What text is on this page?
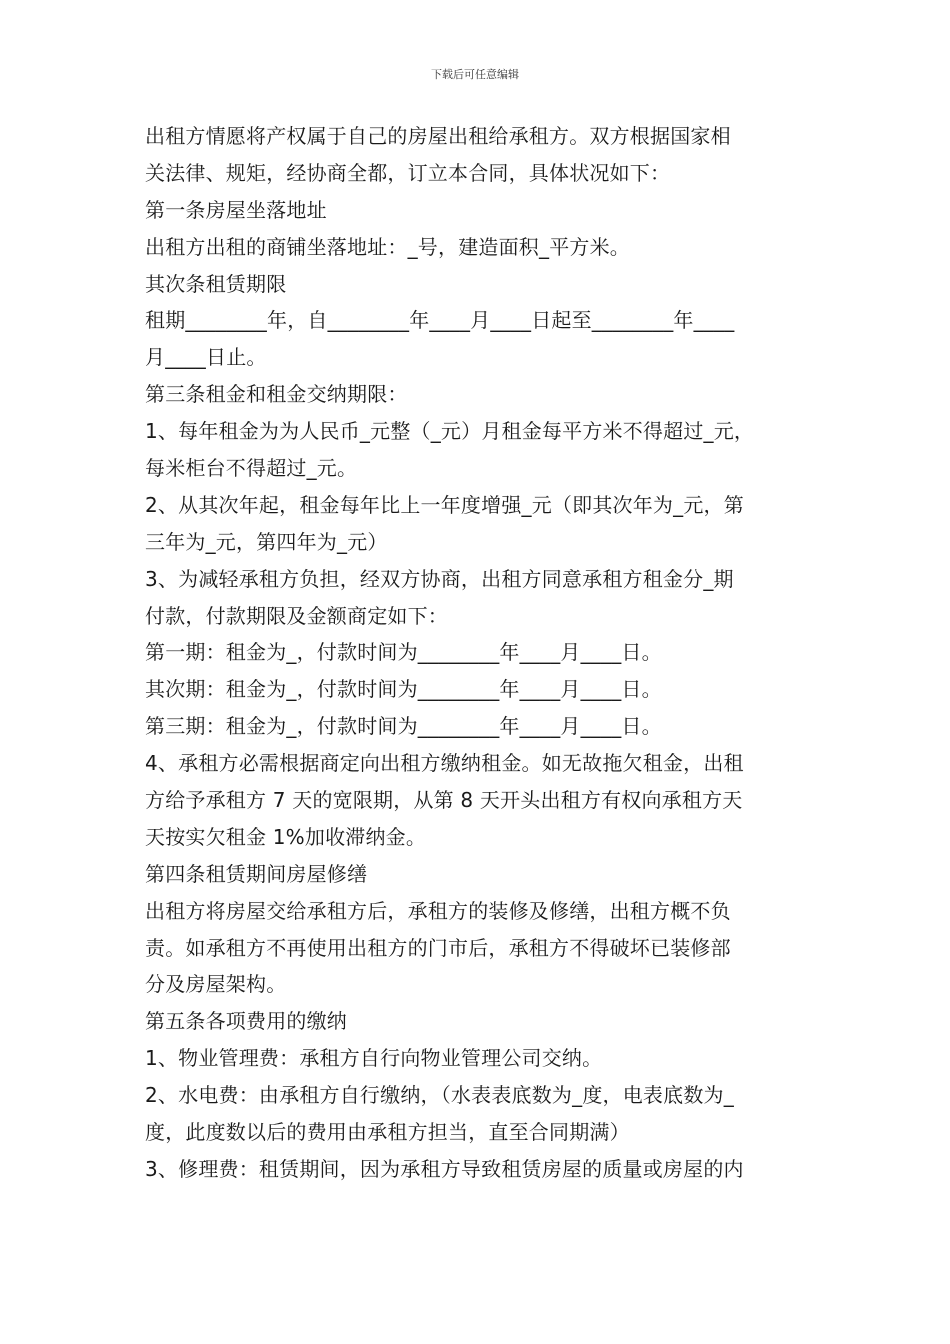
下载后可任意编辑
出租方情愿将产权属于自己的房屋出租给承租方。双方根据国家相
关法律、规矩，经协商全都，订立本合同，具体状况如下：
第一条房屋坐落地址
出租方出租的商铺坐落地址：_号，建造面积_平方米。
其次条租赁期限
租期________年，自________年____月____日起至________年____
月____日止。
第三条租金和租金交纳期限：
1、每年租金为为人民币_元整（_元）月租金每平方米不得超过_元，
每米柜台不得超过_元。
2、从其次年起，租金每年比上一年度增强_元（即其次年为_元，第
三年为_元，第四年为_元）
3、为减轻承租方负担，经双方协商，出租方同意承租方租金分_期
付款，付款期限及金额商定如下：
第一期：租金为_，付款时间为________年____月____日。
其次期：租金为_，付款时间为________年____月____日。
第三期：租金为_，付款时间为________年____月____日。
4、承租方必需根据商定向出租方缴纳租金。如无故拖欠租金，出租
方给予承租方 7 天的宽限期，从第 8 天开头出租方有权向承租方天
天按实欠租金 1%加收滞纳金。
第四条租赁期间房屋修缮
出租方将房屋交给承租方后，承租方的装修及修缮，出租方概不负
责。如承租方不再使用出租方的门市后，承租方不得破坏已装修部
分及房屋架构。
第五条各项费用的缴纳
1、物业管理费：承租方自行向物业管理公司交纳。
2、水电费：由承租方自行缴纳，（水表表底数为_度，电表底数为_
度，此度数以后的费用由承租方担当，直至合同期满）
3、修理费：租赁期间，因为承租方导致租赁房屋的质量或房屋的内
